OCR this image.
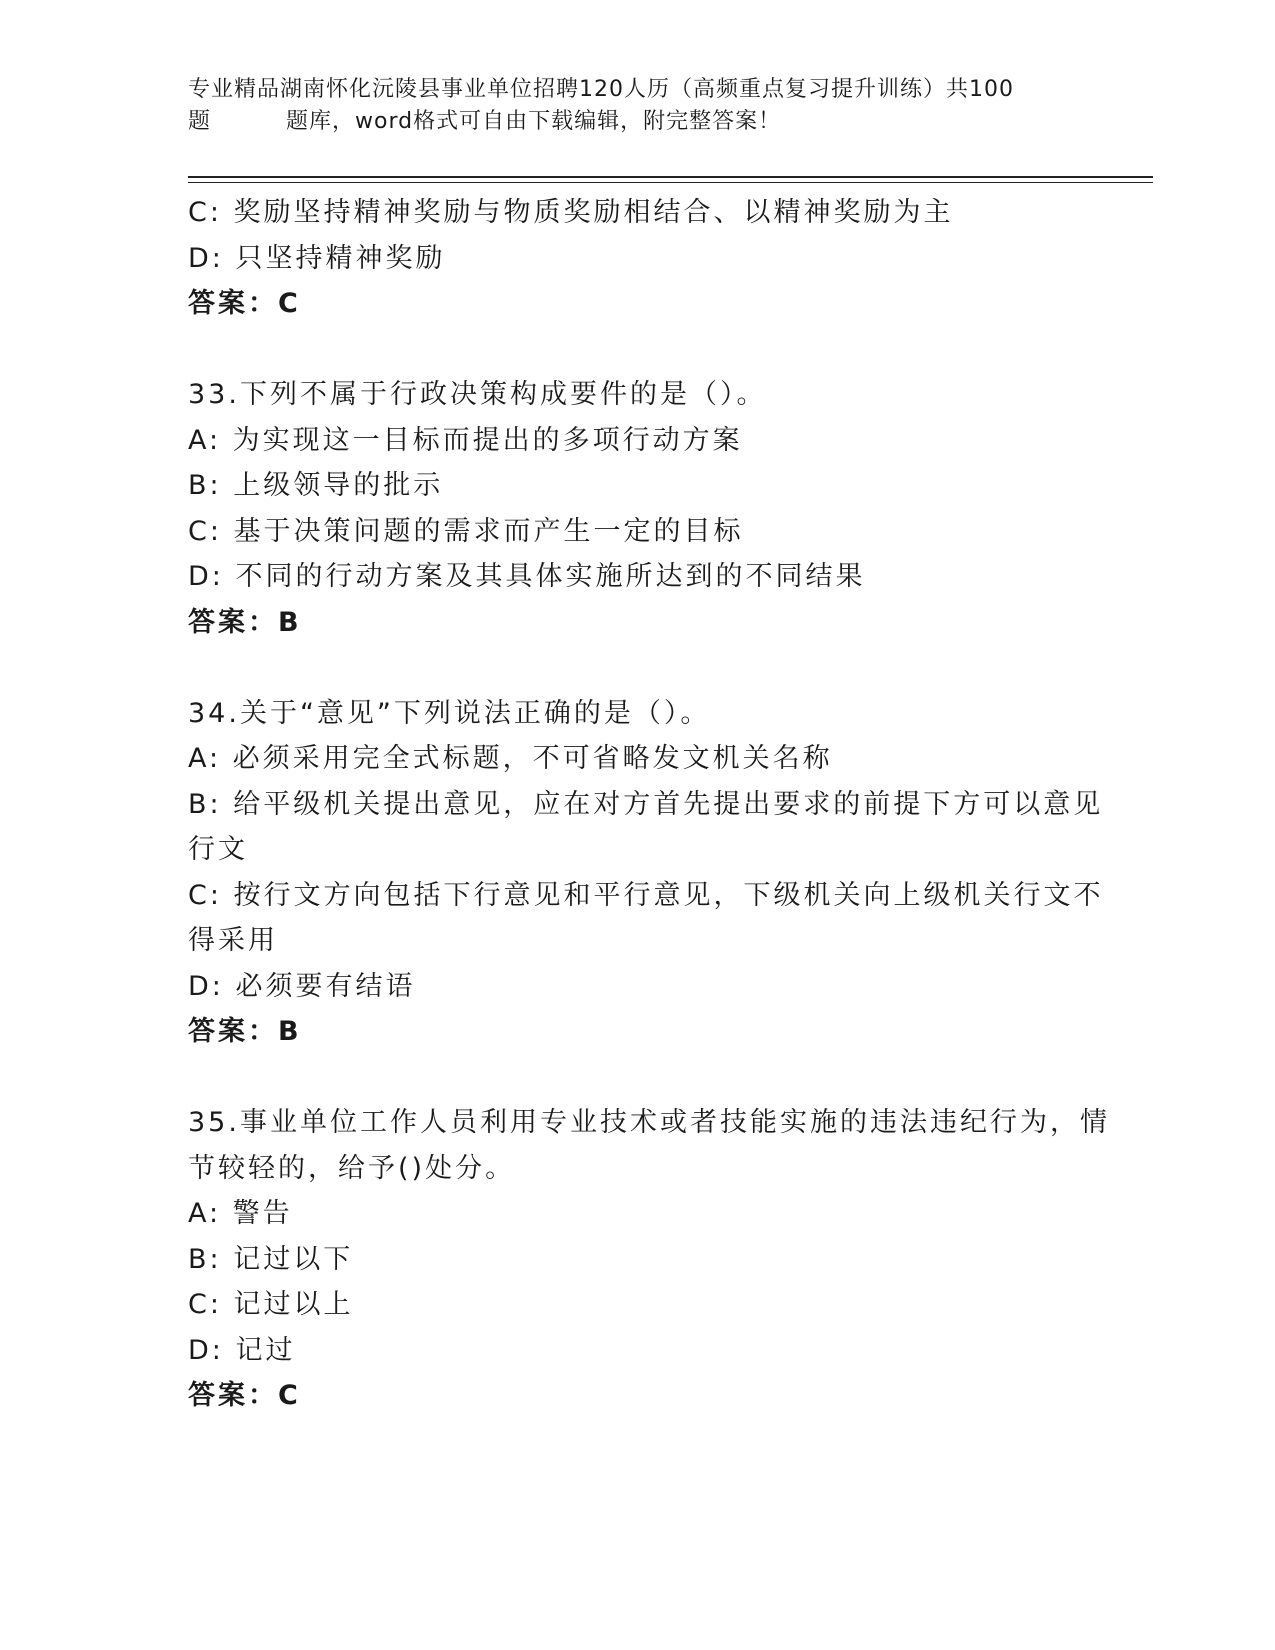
专业精品湖南怀化沅陵县事业单位招聘120人历（高频重点复习提升训练）共100
题	题库，word格式可自由下载编辑，附完整答案！
C: 奖励坚持精神奖励与物质奖励相结合、以精神奖励为主
D: 只坚持精神奖励
答案：C
33.下列不属于行政决策构成要件的是（）。
A: 为实现这一目标而提出的多项行动方案
B: 上级领导的批示
C: 基于决策问题的需求而产生一定的目标
D: 不同的行动方案及其具体实施所达到的不同结果
答案：B
34.关于“意见”下列说法正确的是（）。
A: 必须采用完全式标题，不可省略发文机关名称
B: 给平级机关提出意见，应在对方首先提出要求的前提下方可以意见
行文
C: 按行文方向包括下行意见和平行意见，下级机关向上级机关行文不
得采用
D: 必须要有结语
答案：B
35.事业单位工作人员利用专业技术或者技能实施的违法违纪行为，情
节较轻的，给予()处分。
A: 警告
B: 记过以下
C: 记过以上
D: 记过
答案：C
